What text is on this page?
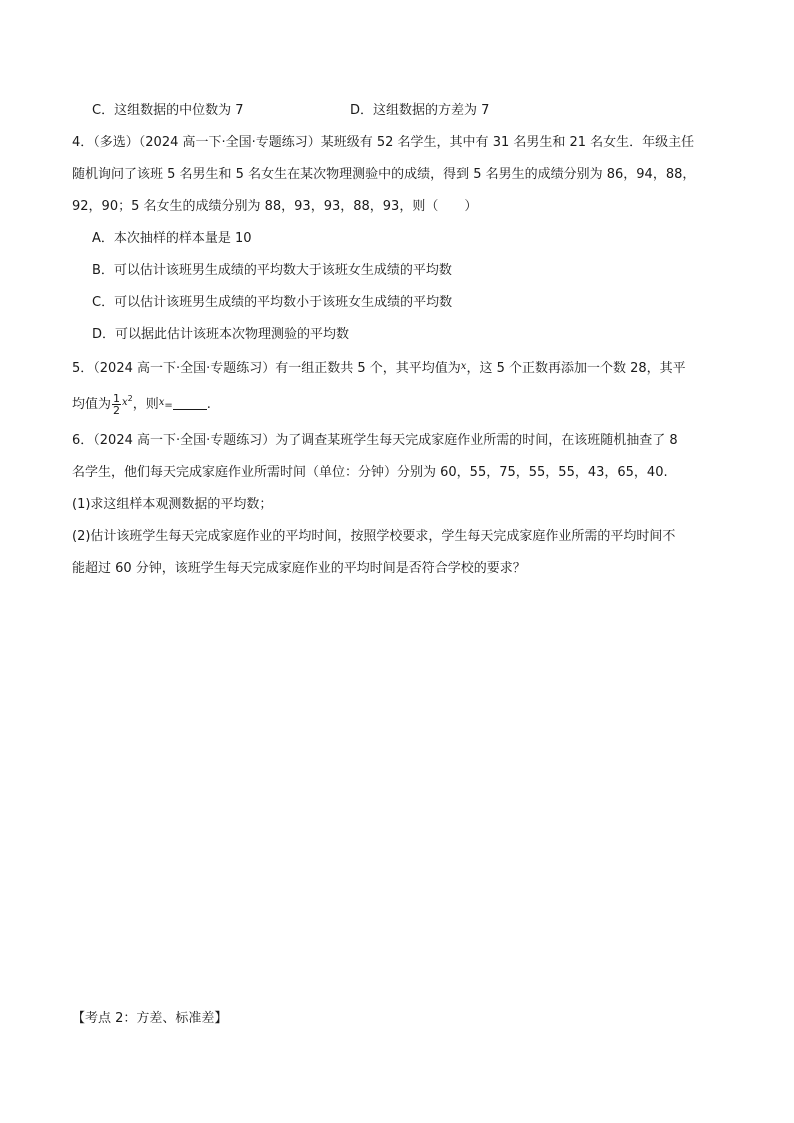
C．这组数据的中位数为 7	D．这组数据的方差为 7
4．（多选）（2024 高一下·全国·专题练习）某班级有 52 名学生，其中有 31 名男生和 21 名女生．年级主任
随机询问了该班 5 名男生和 5 名女生在某次物理测验中的成绩，得到 5 名男生的成绩分别为 86，94，88，
92，90；5 名女生的成绩分别为 88，93，93，88，93，则（　　）
A．本次抽样的样本量是 10
B．可以估计该班男生成绩的平均数大于该班女生成绩的平均数
C．可以估计该班男生成绩的平均数小于该班女生成绩的平均数
D．可以据此估计该班本次物理测验的平均数
5．（2024 高一下·全国·专题练习）有一组正数共 5 个，其平均值为$^x$，这 5 个正数再添加一个数 28，其平
均值为 $\frac{1}{2} ^{x2}$，则$^x$=	.
6．（2024 高一下·全国·专题练习）为了调查某班学生每天完成家庭作业所需的时间，在该班随机抽查了 8
名学生，他们每天完成家庭作业所需时间（单位：分钟）分别为 60，55，75，55，55，43，65，40.
(1)求这组样本观测数据的平均数；
(2)估计该班学生每天完成家庭作业的平均时间，按照学校要求，学生每天完成家庭作业所需的平均时间不
能超过 60 分钟，该班学生每天完成家庭作业的平均时间是否符合学校的要求？
【考点 2：方差、标准差】
